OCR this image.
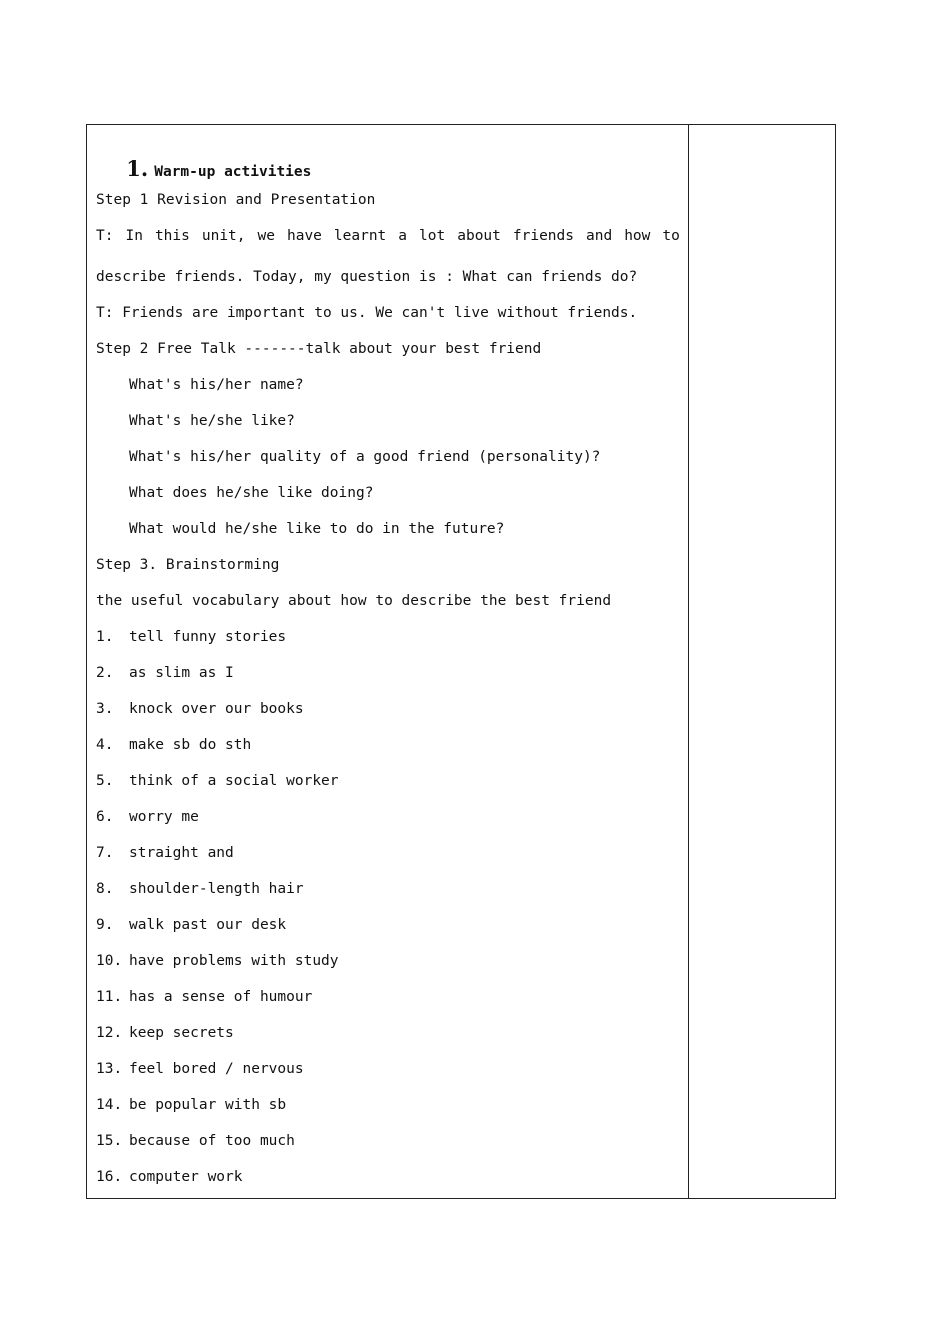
1. Warm-up activities

Step 1 Revision and Presentation
T: In this unit, we have learnt a lot about friends and how to
describe friends. Today, my question is : What can friends do?
T: Friends are important to us. We can't live without friends.
Step 2 Free Talk -------talk about your best friend
What's his/her name?
What's he/she like?
What's his/her quality of a good friend (personality)?
What does he/she like doing?
What would he/she like to do in the future?
Step 3. Brainstorming
the useful vocabulary about how to describe the best friend
1. tell funny stories
2. as slim as I
3. knock over our books
4. make sb do sth
5. think of a social worker
6. worry me
7. straight and
8. shoulder-length hair
9. walk past our desk
10. have problems with study
11. has a sense of humour
12. keep secrets
13. feel bored / nervous
14. be popular with sb
15. because of too much
16. computer work
